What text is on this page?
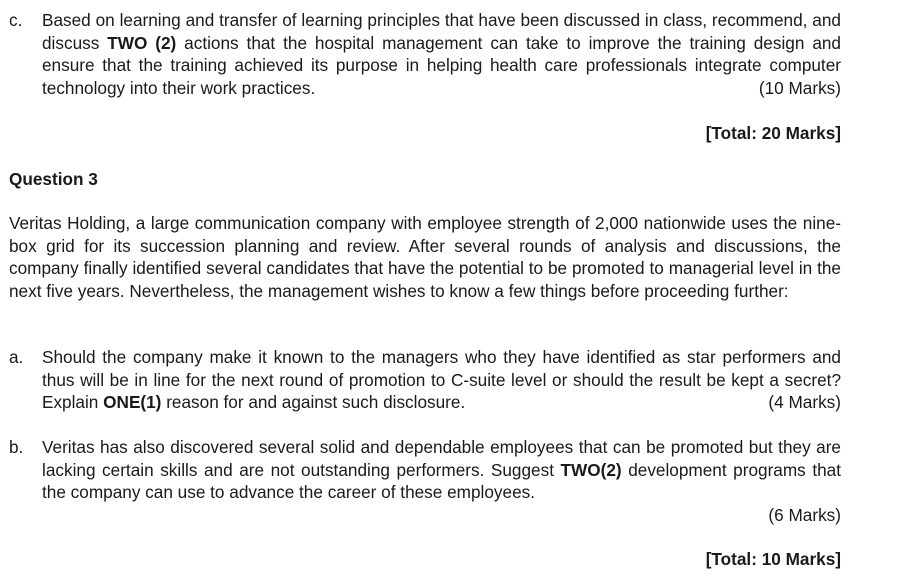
c.	Based on learning and transfer of learning principles that have been discussed in class, recommend, and discuss TWO (2) actions that the hospital management can take to improve the training design and ensure that the training achieved its purpose in helping health care professionals integrate computer technology into their work practices.	(10 Marks)
[Total: 20 Marks]
Question 3
Veritas Holding, a large communication company with employee strength of 2,000 nationwide uses the nine-box grid for its succession planning and review. After several rounds of analysis and discussions, the company finally identified several candidates that have the potential to be promoted to managerial level in the next five years. Nevertheless, the management wishes to know a few things before proceeding further:
a.	Should the company make it known to the managers who they have identified as star performers and thus will be in line for the next round of promotion to C-suite level or should the result be kept a secret? Explain ONE(1) reason for and against such disclosure.	(4 Marks)
b.	Veritas has also discovered several solid and dependable employees that can be promoted but they are lacking certain skills and are not outstanding performers. Suggest TWO(2) development programs that the company can use to advance the career of these employees.
(6 Marks)
[Total: 10 Marks]
